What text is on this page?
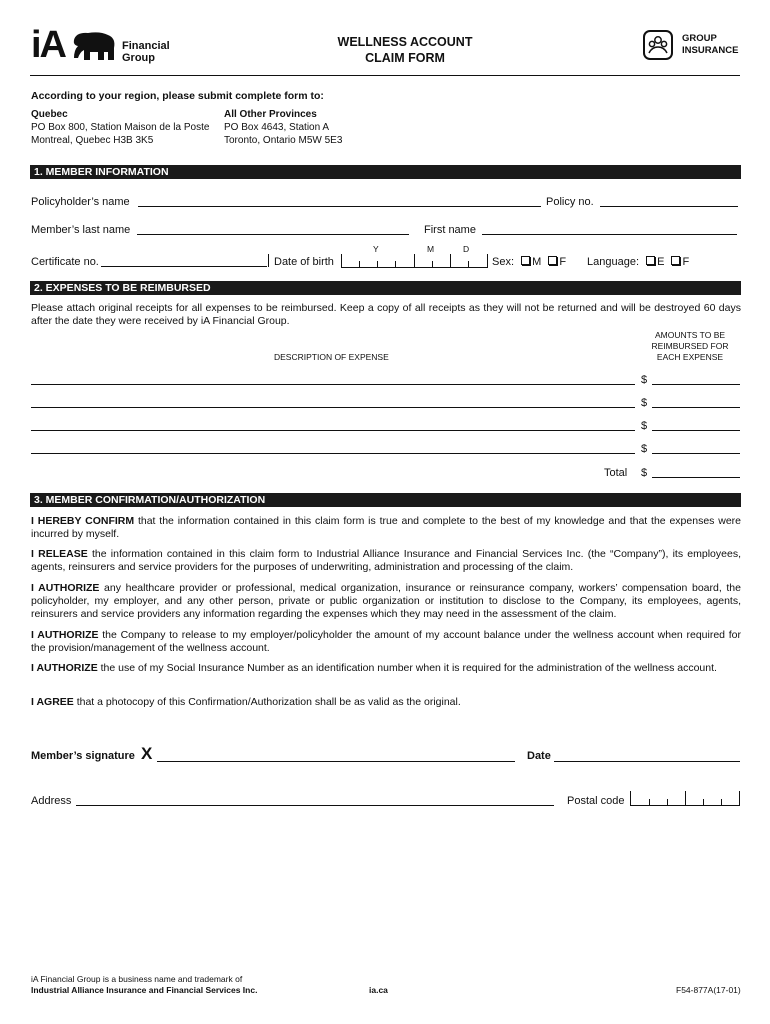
iA	Financial
Group
WELLNESS ACCOUNT
CLAIM FORM
GROUP
INSURANCE
According to your region, please submit complete form to:
Quebec
PO Box 800, Station Maison de la Poste
Montreal, Quebec H3B 3K5
All Other Provinces
PO Box 4643, Station A
Toronto, Ontario M5W 5E3
1. MEMBER INFORMATION
Policyholder’s name	Policy no.
Member’s last name	First name
Y	M	D
Certificate no.	Date of birth	Sex: M F Language: E F
2. EXPENSES TO BE REIMBURSED
Please attach original receipts for all expenses to be reimbursed. Keep a copy of all receipts as they will not be returned and will be destroyed 60 days after the date they were received by iA Financial Group.
DESCRIPTION OF EXPENSE
AMOUNTS TO BE
REIMBURSED FOR
EACH EXPENSE
$
$
$
$
Total $
3. MEMBER CONFIRMATION/AUTHORIZATION
I HEREBY CONFIRM that the information contained in this claim form is true and complete to the best of my knowledge and that the expenses were incurred by myself.
I RELEASE the information contained in this claim form to Industrial Alliance Insurance and Financial Services Inc. (the “Company”), its employees, agents, reinsurers and service providers for the purposes of underwriting, administration and processing of the claim.
I AUTHORIZE any healthcare provider or professional, medical organization, insurance or reinsurance company, workers’ compensation board, the policyholder, my employer, and any other person, private or public organization or institution to disclose to the Company, its employees, agents, reinsurers and service providers any information regarding the expenses which they may need in the assessment of the claim.
I AUTHORIZE the Company to release to my employer/policyholder the amount of my account balance under the wellness account when required for the provision/management of the wellness account.
I AUTHORIZE the use of my Social Insurance Number as an identification number when it is required for the administration of the wellness account.
I AGREE that a photocopy of this Confirmation/Authorization shall be as valid as the original.
Member’s signature X	Date
Address	Postal code
iA Financial Group is a business name and trademark of
Industrial Alliance Insurance and Financial Services Inc.	ia.ca	F54-877A(17-01)
